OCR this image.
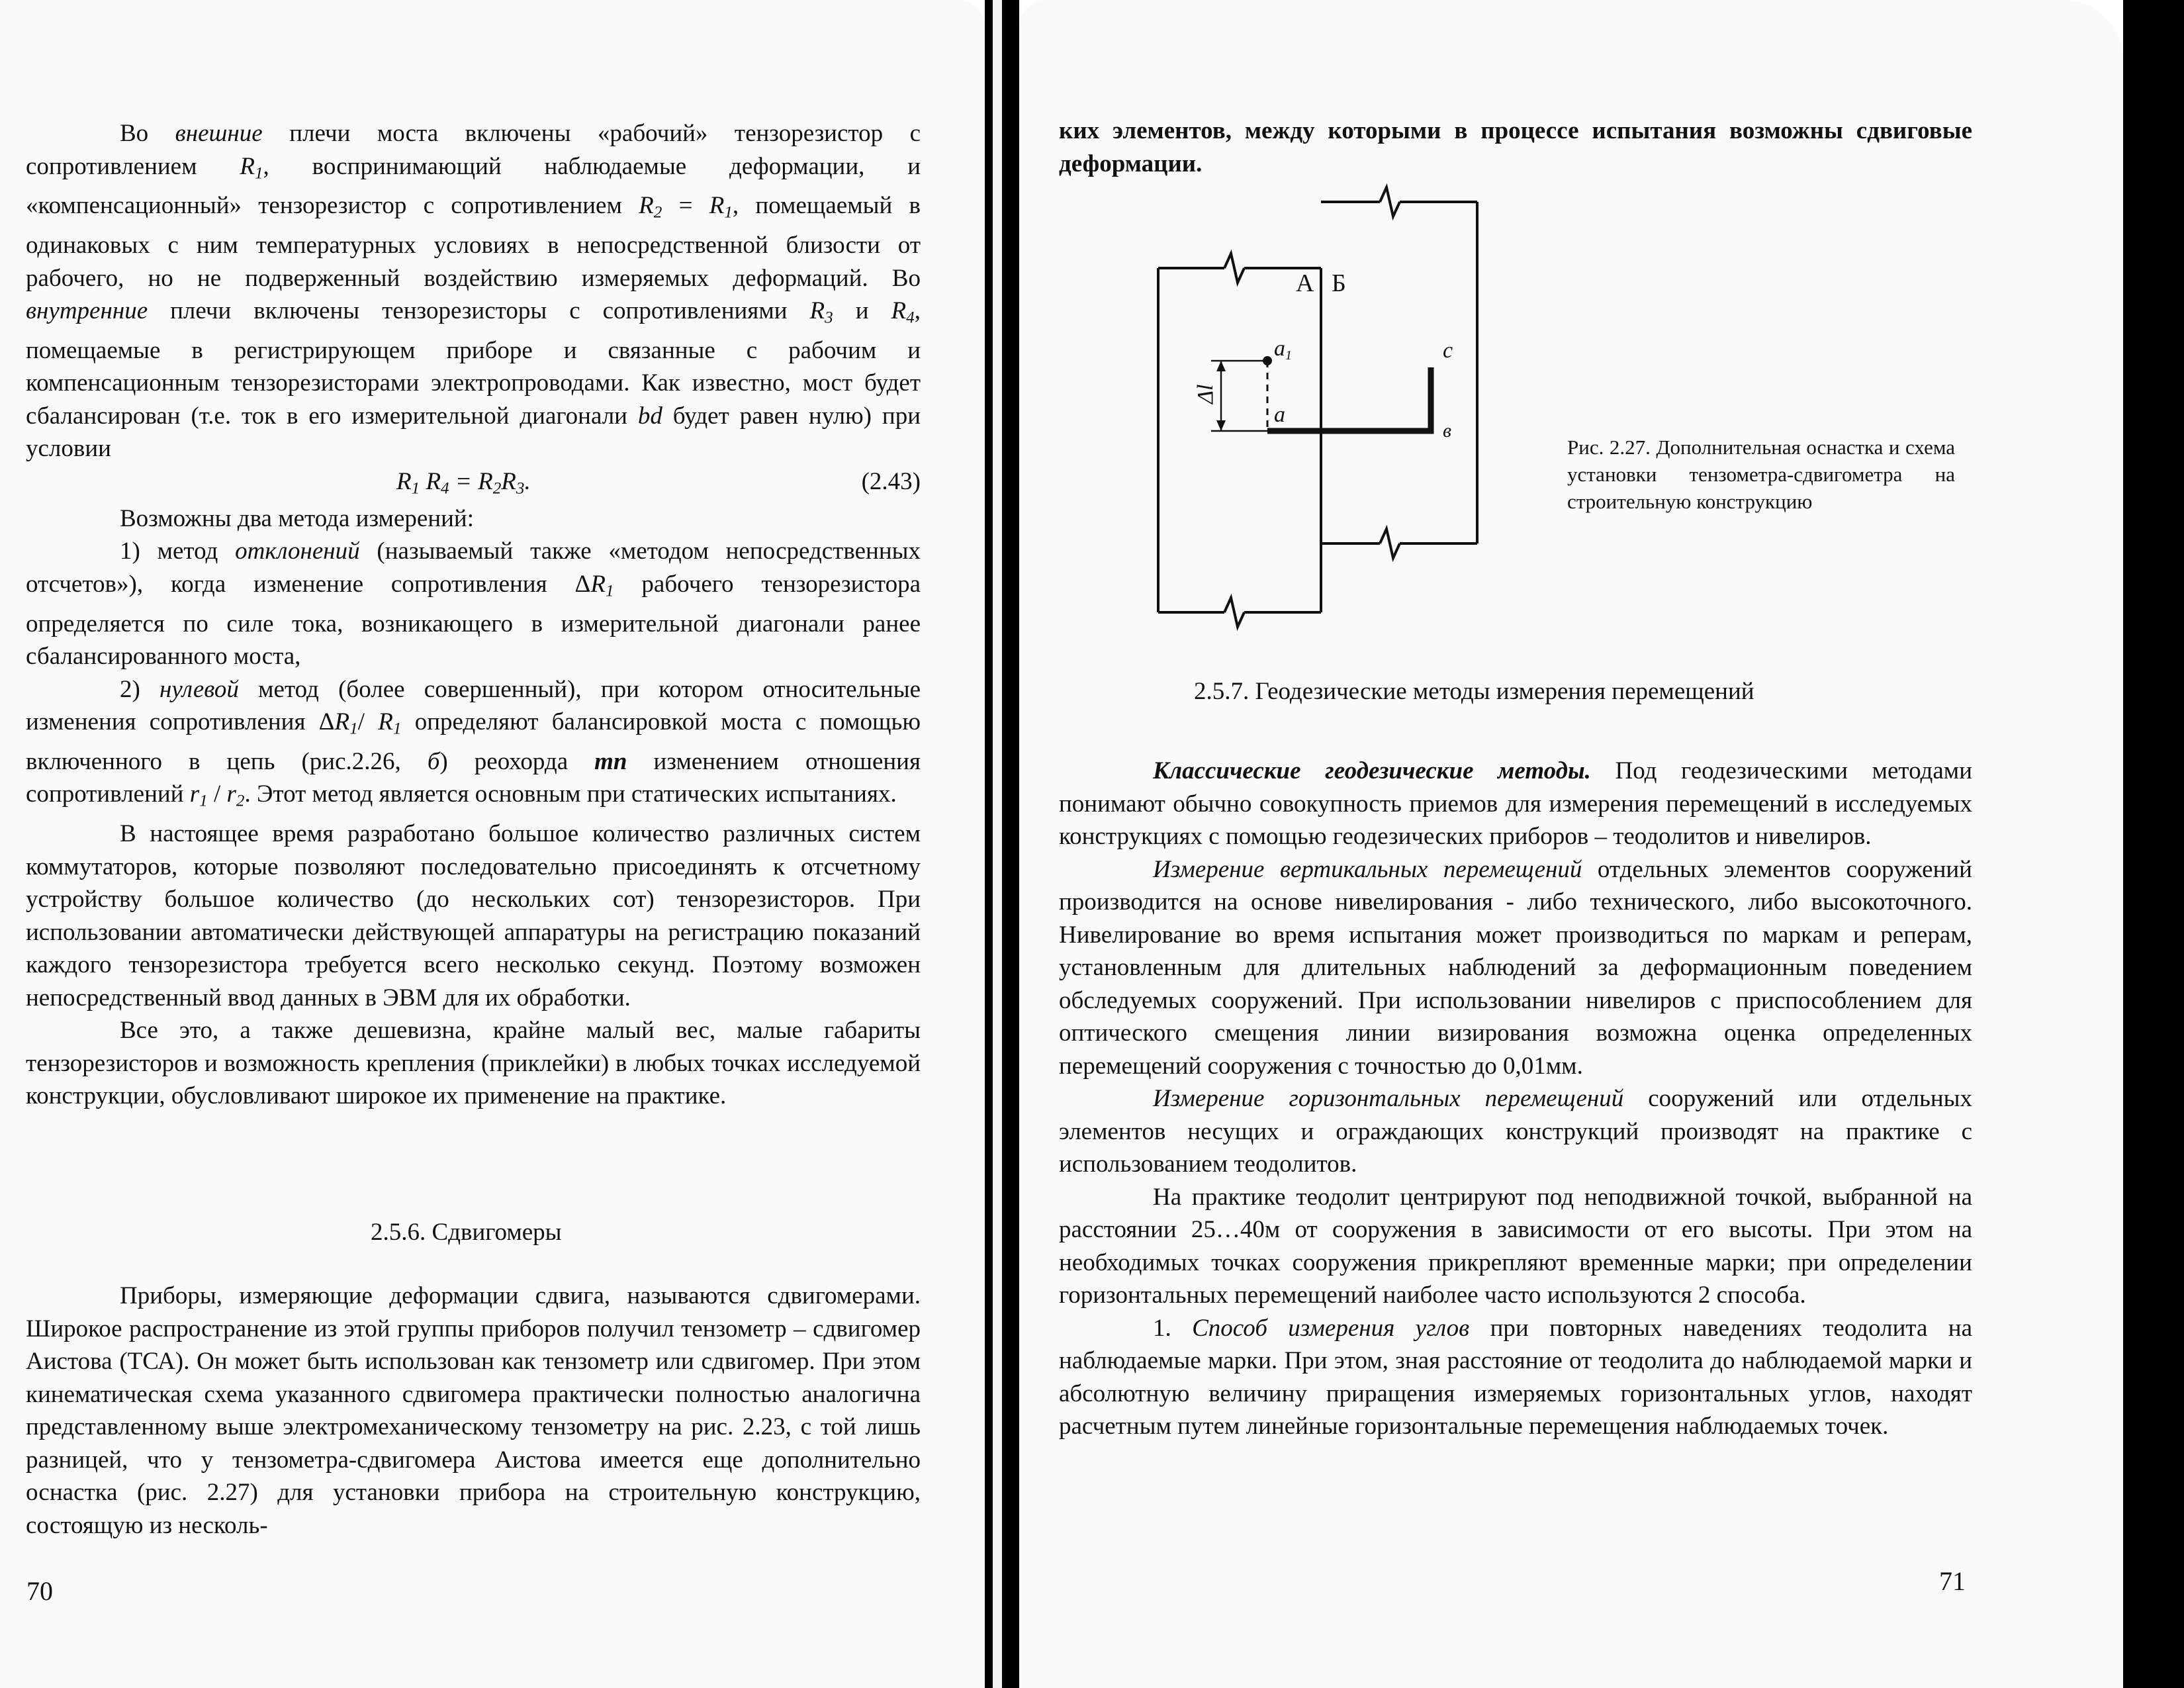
Во внешние плечи моста включены «рабочий» тензорезистор с сопротивлением $R_1$, воспринимающий наблюдаемые деформации, и «компенсационный» тензорезистор с сопротивлением $R_2 = R_1$, помещаемый в одинаковых с ним температурных условиях в непосредственной близости от рабочего, но не подверженный воздействию измеряемых деформаций. Во внутренние плечи включены тензорезисторы с сопротивлениями $R_3$ и $R_4$, помещаемые в регистрирующем приборе и связанные с рабочим и компенсационным тензорезисторами электропроводами. Как известно, мост будет сбалансирован (т.е. ток в его измерительной диагонали bd будет равен нулю) при условии

$R_1$ $R_4 = R_2R_3$.	(2.43)

Возможны два метода измерений:

1) метод отклонений (называемый также «методом непосредственных отсчетов»), когда изменение сопротивления $\Delta R_1$ рабочего тензорезистора определяется по силе тока, возникающего в измерительной диагонали ранее сбалансированного моста,

2) нулевой метод (более совершенный), при котором относительные изменения сопротивления $\Delta R_1/$ $R_1$ определяют балансировкой моста с помощью включенного в цепь (рис.2.26, б) реохорда mn изменением отношения сопротивлений $r_1 / r_2$. Этот метод является основным при статических испытаниях.

В настоящее время разработано большое количество различных систем коммутаторов, которые позволяют последовательно присоединять к отсчетному устройству большое количество (до нескольких сот) тензорезисторов. При использовании автоматически действующей аппаратуры на регистрацию показаний каждого тензорезистора требуется всего несколько секунд. Поэтому возможен непосредственный ввод данных в ЭВМ для их обработки.

Все это, а также дешевизна, крайне малый вес, малые габариты тензорезисторов и возможность крепления (приклейки) в любых точках исследуемой конструкции, обусловливают широкое их применение на практике.

2.5.6. Сдвигомеры

Приборы, измеряющие деформации сдвига, называются сдвигомерами. Широкое распространение из этой группы приборов получил тензометр – сдвигомер Аистова (ТСА). Он может быть использован как тензометр или сдвигомер. При этом кинематическая схема указанного сдвигомера практически полностью аналогична представленному выше электромеханическому тензометру на рис. 2.23, с той лишь разницей, что у тензометра-сдвигомера Аистова имеется еще дополнительно оснастка (рис. 2.27) для установки прибора на строительную конструкцию, состоящую из несколь-

70

ких элементов, между которыми в процессе испытания возможны сдвиговые деформации.

Рис. 2.27. Дополнительная оснастка и схема установки тензометра-сдвигометра на строительную конструкцию
2.5.7. Геодезические методы измерения перемещений

Классические геодезические методы. Под геодезическими методами понимают обычно совокупность приемов для измерения перемещений в исследуемых конструкциях с помощью геодезических приборов – теодолитов и нивелиров.

Измерение вертикальных перемещений отдельных элементов сооружений производится на основе нивелирования - либо технического, либо высокоточного. Нивелирование во время испытания может производиться по маркам и реперам, установленным для длительных наблюдений за деформационным поведением обследуемых сооружений. При использовании нивелиров с приспособлением для оптического смещения линии визирования возможна оценка определенных перемещений сооружения с точностью до 0,01мм.

Измерение горизонтальных перемещений сооружений или отдельных элементов несущих и ограждающих конструкций производят на практике с использованием теодолитов.

На практике теодолит центрируют под неподвижной точкой, выбранной на расстоянии 25…40м от сооружения в зависимости от его высоты. При этом на необходимых точках сооружения прикрепляют временные марки; при определении горизонтальных перемещений наиболее часто используются 2 способа.

1. Способ измерения углов при повторных наведениях теодолита на наблюдаемые марки. При этом, зная расстояние от теодолита до наблюдаемой марки и абсолютную величину приращения измеряемых горизонтальных углов, находят расчетным путем линейные горизонтальные перемещения наблюдаемых точек.

71
А Б
a1
a
c
в
Δl
